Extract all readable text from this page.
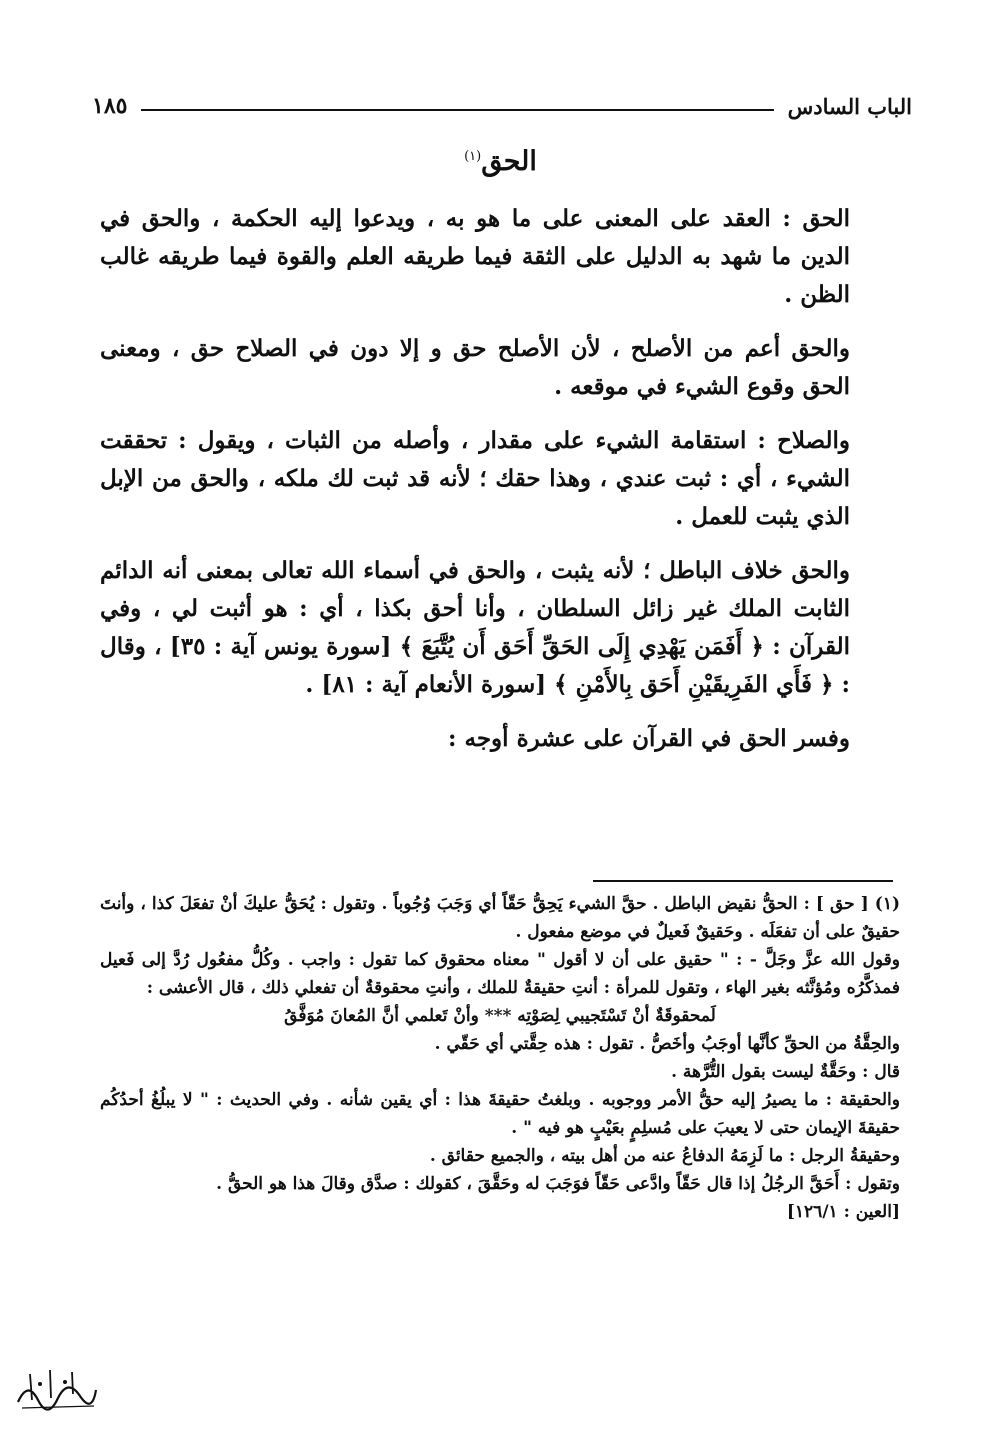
الباب السادس
١٨٥
الحق$^{(١)}$

الحق : العقد على المعنى على ما هو به ، ويدعوا إليه الحكمة ، والحق في الدين ما شهد به الدليل على الثقة فيما طريقه العلم والقوة فيما طريقه غالب الظن .

والحق أعم من الأصلح ، لأن الأصلح حق و إلا دون في الصلاح حق ، ومعنى الحق وقوع الشيء في موقعه .

والصلاح : استقامة الشيء على مقدار ، وأصله من الثبات ، ويقول : تحققت الشيء ، أي : ثبت عندي ، وهذا حقك ؛ لأنه قد ثبت لك ملكه ، والحق من الإبل الذي يثبت للعمل .

والحق خلاف الباطل ؛ لأنه يثبت ، والحق في أسماء الله تعالى بمعنى أنه الدائم الثابت الملك غير زائل السلطان ، وأنا أحق بكذا ، أي : هو أثبت لي ، وفي القرآن : ﴿ أَفَمَن يَهْدِي إِلَى الحَقِّ أَحَق أَن يُتَّبَعَ ﴾ [سورة يونس آية : ٣٥] ، وقال : ﴿ فَأَي الفَرِيقَيْنِ أَحَق بِالأَمْنِ ﴾ [سورة الأنعام آية : ٨١] .

وفسر الحق في القرآن على عشرة أوجه :

(١) [ حق ] : الحقُّ نقيض الباطل . حقَّ الشيء يَحِقُّ حَقّاً أي وَجَبَ وُجُوباً . وتقول : يُحَقُّ عليكَ أنْ تفعَلَ كذا ، وأنتَ حقيقٌ على أن تفعَلَه . وحَقيقٌ فَعيلٌ في موضع مفعول .

وقول الله عزَّ وجَلَّ - : " حقيق على أن لا أقول " معناه محقوق كما تقول : واجب . وكُلُّ مفعُول رُدَّ إلى فَعيل فمذكَّرُه ومُؤنَّثه بغير الهاء ، وتقول للمرأة : أنتِ حقيقةٌ للملك ، وأنتِ محقوقةٌ أن تفعلي ذلك ، قال الأعشى :

لَمحقوقَةٌ أنْ تَسْتَجيبي لِصَوْتِه *** وأنْ تَعلمي أنَّ المُعانَ مُوَفَّقُ

والحِقَّةُ من الحقِّ كأنَّها أوجَبُ وأخَصُّ . تقول : هذه حِقَّتي أي حَقّي .

قال : وحَقَّةٌ ليست بقول التُّرَّهة .

والحقيقة : ما يصيرُ إليه حقُّ الأمر ووجوبه . وبلغتُ حقيقةَ هذا : أي يقين شأنه . وفي الحديث : " لا يبلُغُ أحدُكُم حقيقةَ الإيمان حتى لا يعيبَ على مُسلِمٍ بعَيْبٍ هو فيه " .

وحقيقةُ الرجل : ما لَزِمَهُ الدفاعُ عنه من أهل بيته ، والجميع حقائق .

وتقول : أَحَقَّ الرجُلُ إذا قال حَقّاً وادَّعى حَقّاً فوَجَبَ له وحَقَّقَ ، كقولك : صدَّق وقالَ هذا هو الحقُّ .

[العين : ١٢٦/١]
